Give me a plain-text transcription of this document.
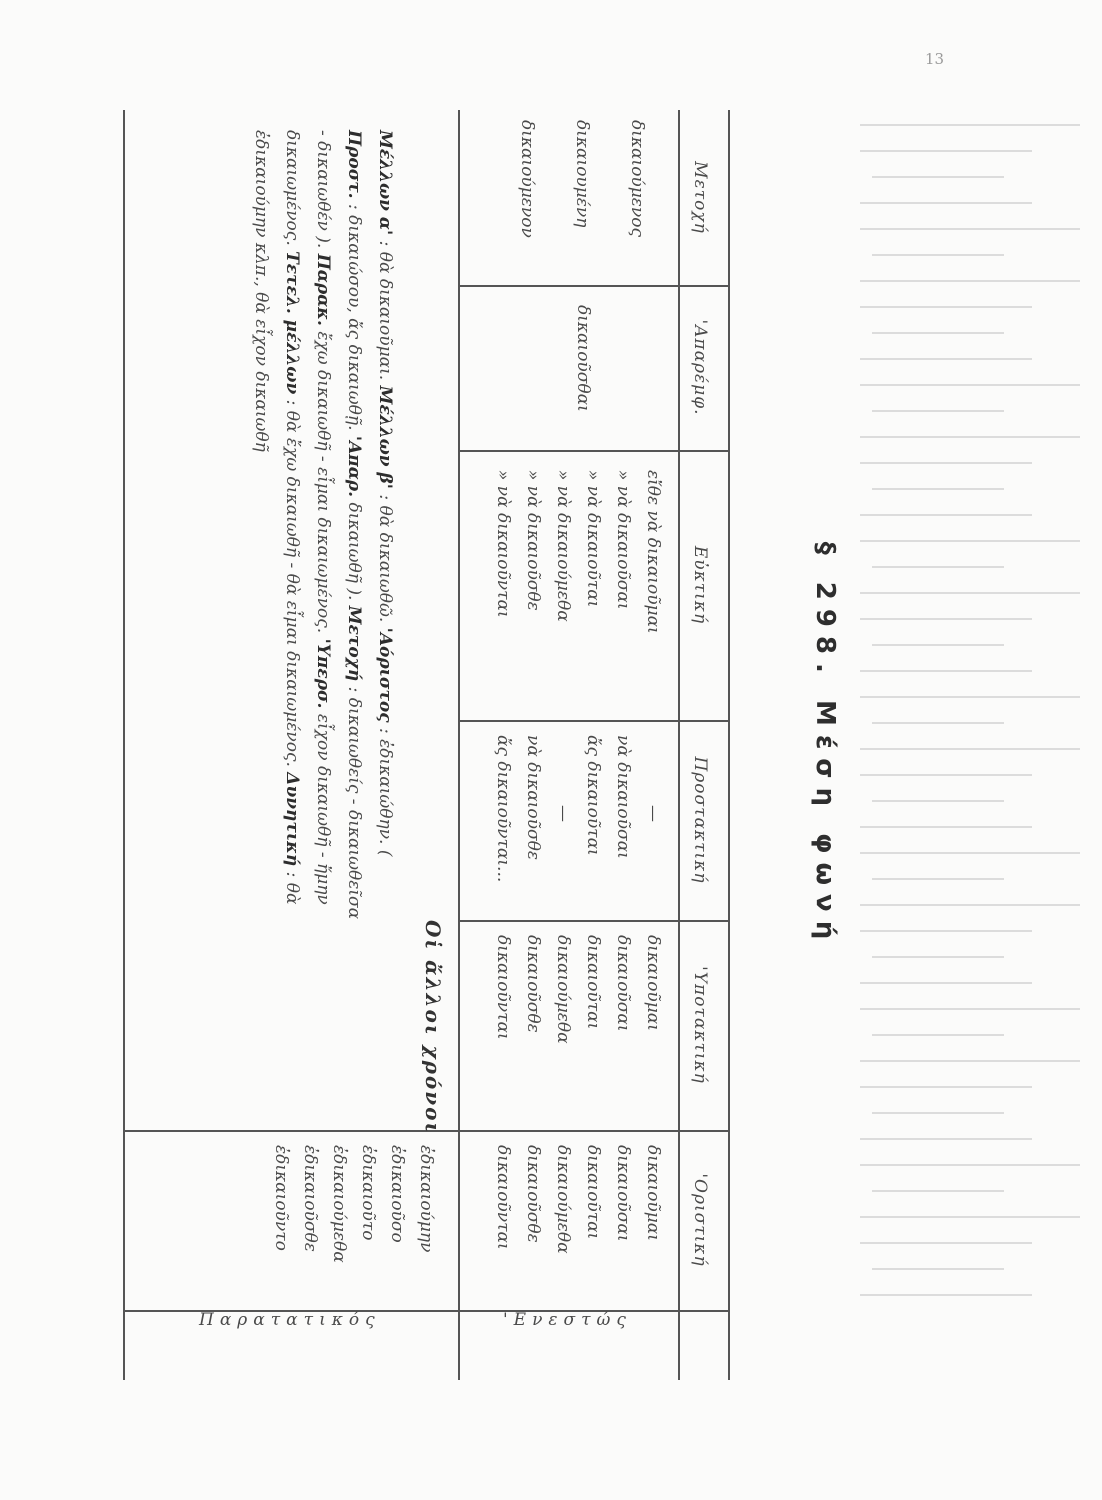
13
§ 298. Μέση φωνή
'Οριστική
'Υποτακτική
Προστακτική
Εὐκτική
'Απαρέμφ.
Μετοχή
'Ενεστώς
Παρατατικός
δικαιοῦμαι
δικαιοῦσαι
δικαιοῦται
δικαιούμεθα
δικαιοῦσθε
δικαιοῦνται
δικαιοῦμαι
δικαιοῦσαι
δικαιοῦται
δικαιούμεθα
δικαιοῦσθε
δικαιοῦνται
—
νὰ δικαιοῦσαι
ἄς δικαιοῦται
—
νὰ δικαιοῦσθε
ἄς δικαιοῦνται...
εἴθε νὰ δικαιοῦμαι
» νὰ δικαιοῦσαι
» νὰ δικαιοῦται
» νὰ δικαιούμεθα
» νὰ δικαιοῦσθε
» νὰ δικαιοῦνται
δικαιοῦσθαι
δικαιούμενος
δικαιουμένη
δικαιούμενον
ἐδικαιούμην
ἐδικαιοῦσο
ἐδικαιοῦτο
ἐδικαιούμεθα
ἐδικαιοῦσθε
ἐδικαιοῦντο
Οἱ ἄλλοι χρόνοι
Μέλλων α' : θὰ δικαιοῦμαι. Μέλλων β' : θὰ δικαιωθῶ. 'Αόριστος : ἐδικαιώθην. ( Προστ. : δικαιώσου, ἄς δικαιωθῇ. 'Απαρ. δικαιωθῆ ). Μετοχή : δικαιωθείς - δικαιωθεῖσα - δικαιωθέν ). Παρακ. ἔχω δικαιωθῆ - εἶμαι δικαιωμένος. 'Υπερσ. εἶχον δικαιωθῆ - ἤμην δικαιωμένος. Τετελ. μέλλων : θὰ ἔχω δικαιωθῆ - θὰ εἶμαι δικαιωμένος. Δυνητική : θὰ ἐδικαιούμην κλπ., θὰ εἶχον δικαιωθῆ
